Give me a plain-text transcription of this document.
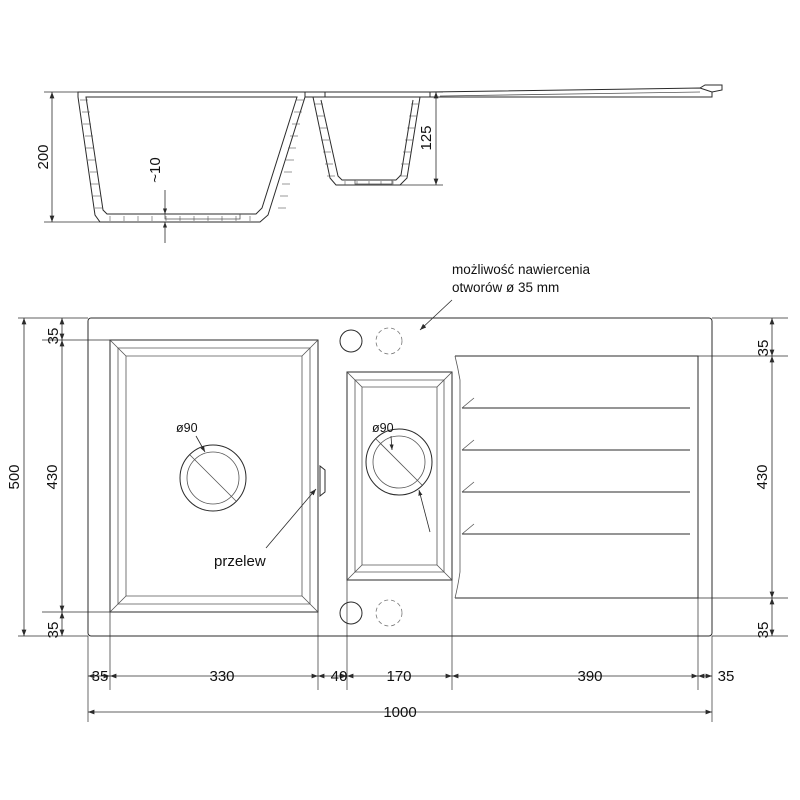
200
~10
125
możliwość nawiercenia
otworów ø 35 mm
ø90
przelew
ø90
35
430
35
500
35
430
35
35	330	40	170	390	35
1000
